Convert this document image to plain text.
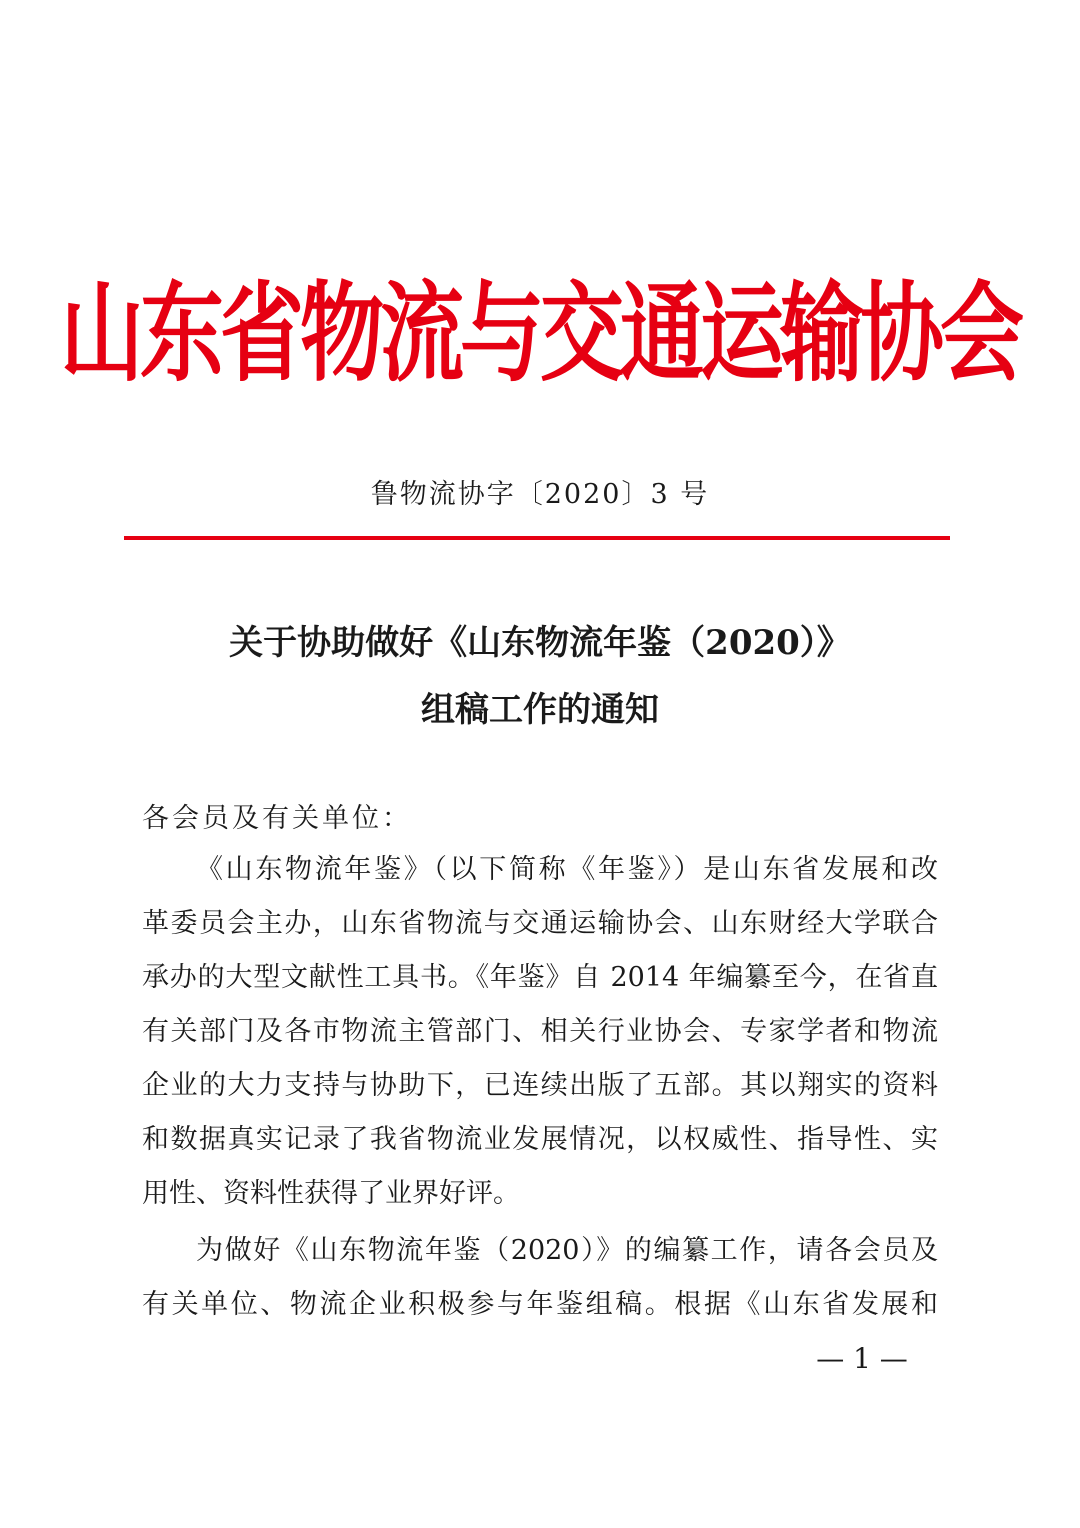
山东省物流与交通运输协会
鲁物流协字〔2020〕3 号
关于协助做好《山东物流年鉴（2020）》
组稿工作的通知
各会员及有关单位：
《山东物流年鉴》（以下简称《年鉴》）是山东省发展和改
革委员会主办，山东省物流与交通运输协会、山东财经大学联合
承办的大型文献性工具书。《年鉴》自 2014 年编纂至今，在省直
有关部门及各市物流主管部门、相关行业协会、专家学者和物流
企业的大力支持与协助下，已连续出版了五部。其以翔实的资料
和数据真实记录了我省物流业发展情况，以权威性、指导性、实
用性、资料性获得了业界好评。
为做好《山东物流年鉴（2020）》的编纂工作，请各会员及
有关单位、物流企业积极参与年鉴组稿。根据《山东省发展和
— 1 —
